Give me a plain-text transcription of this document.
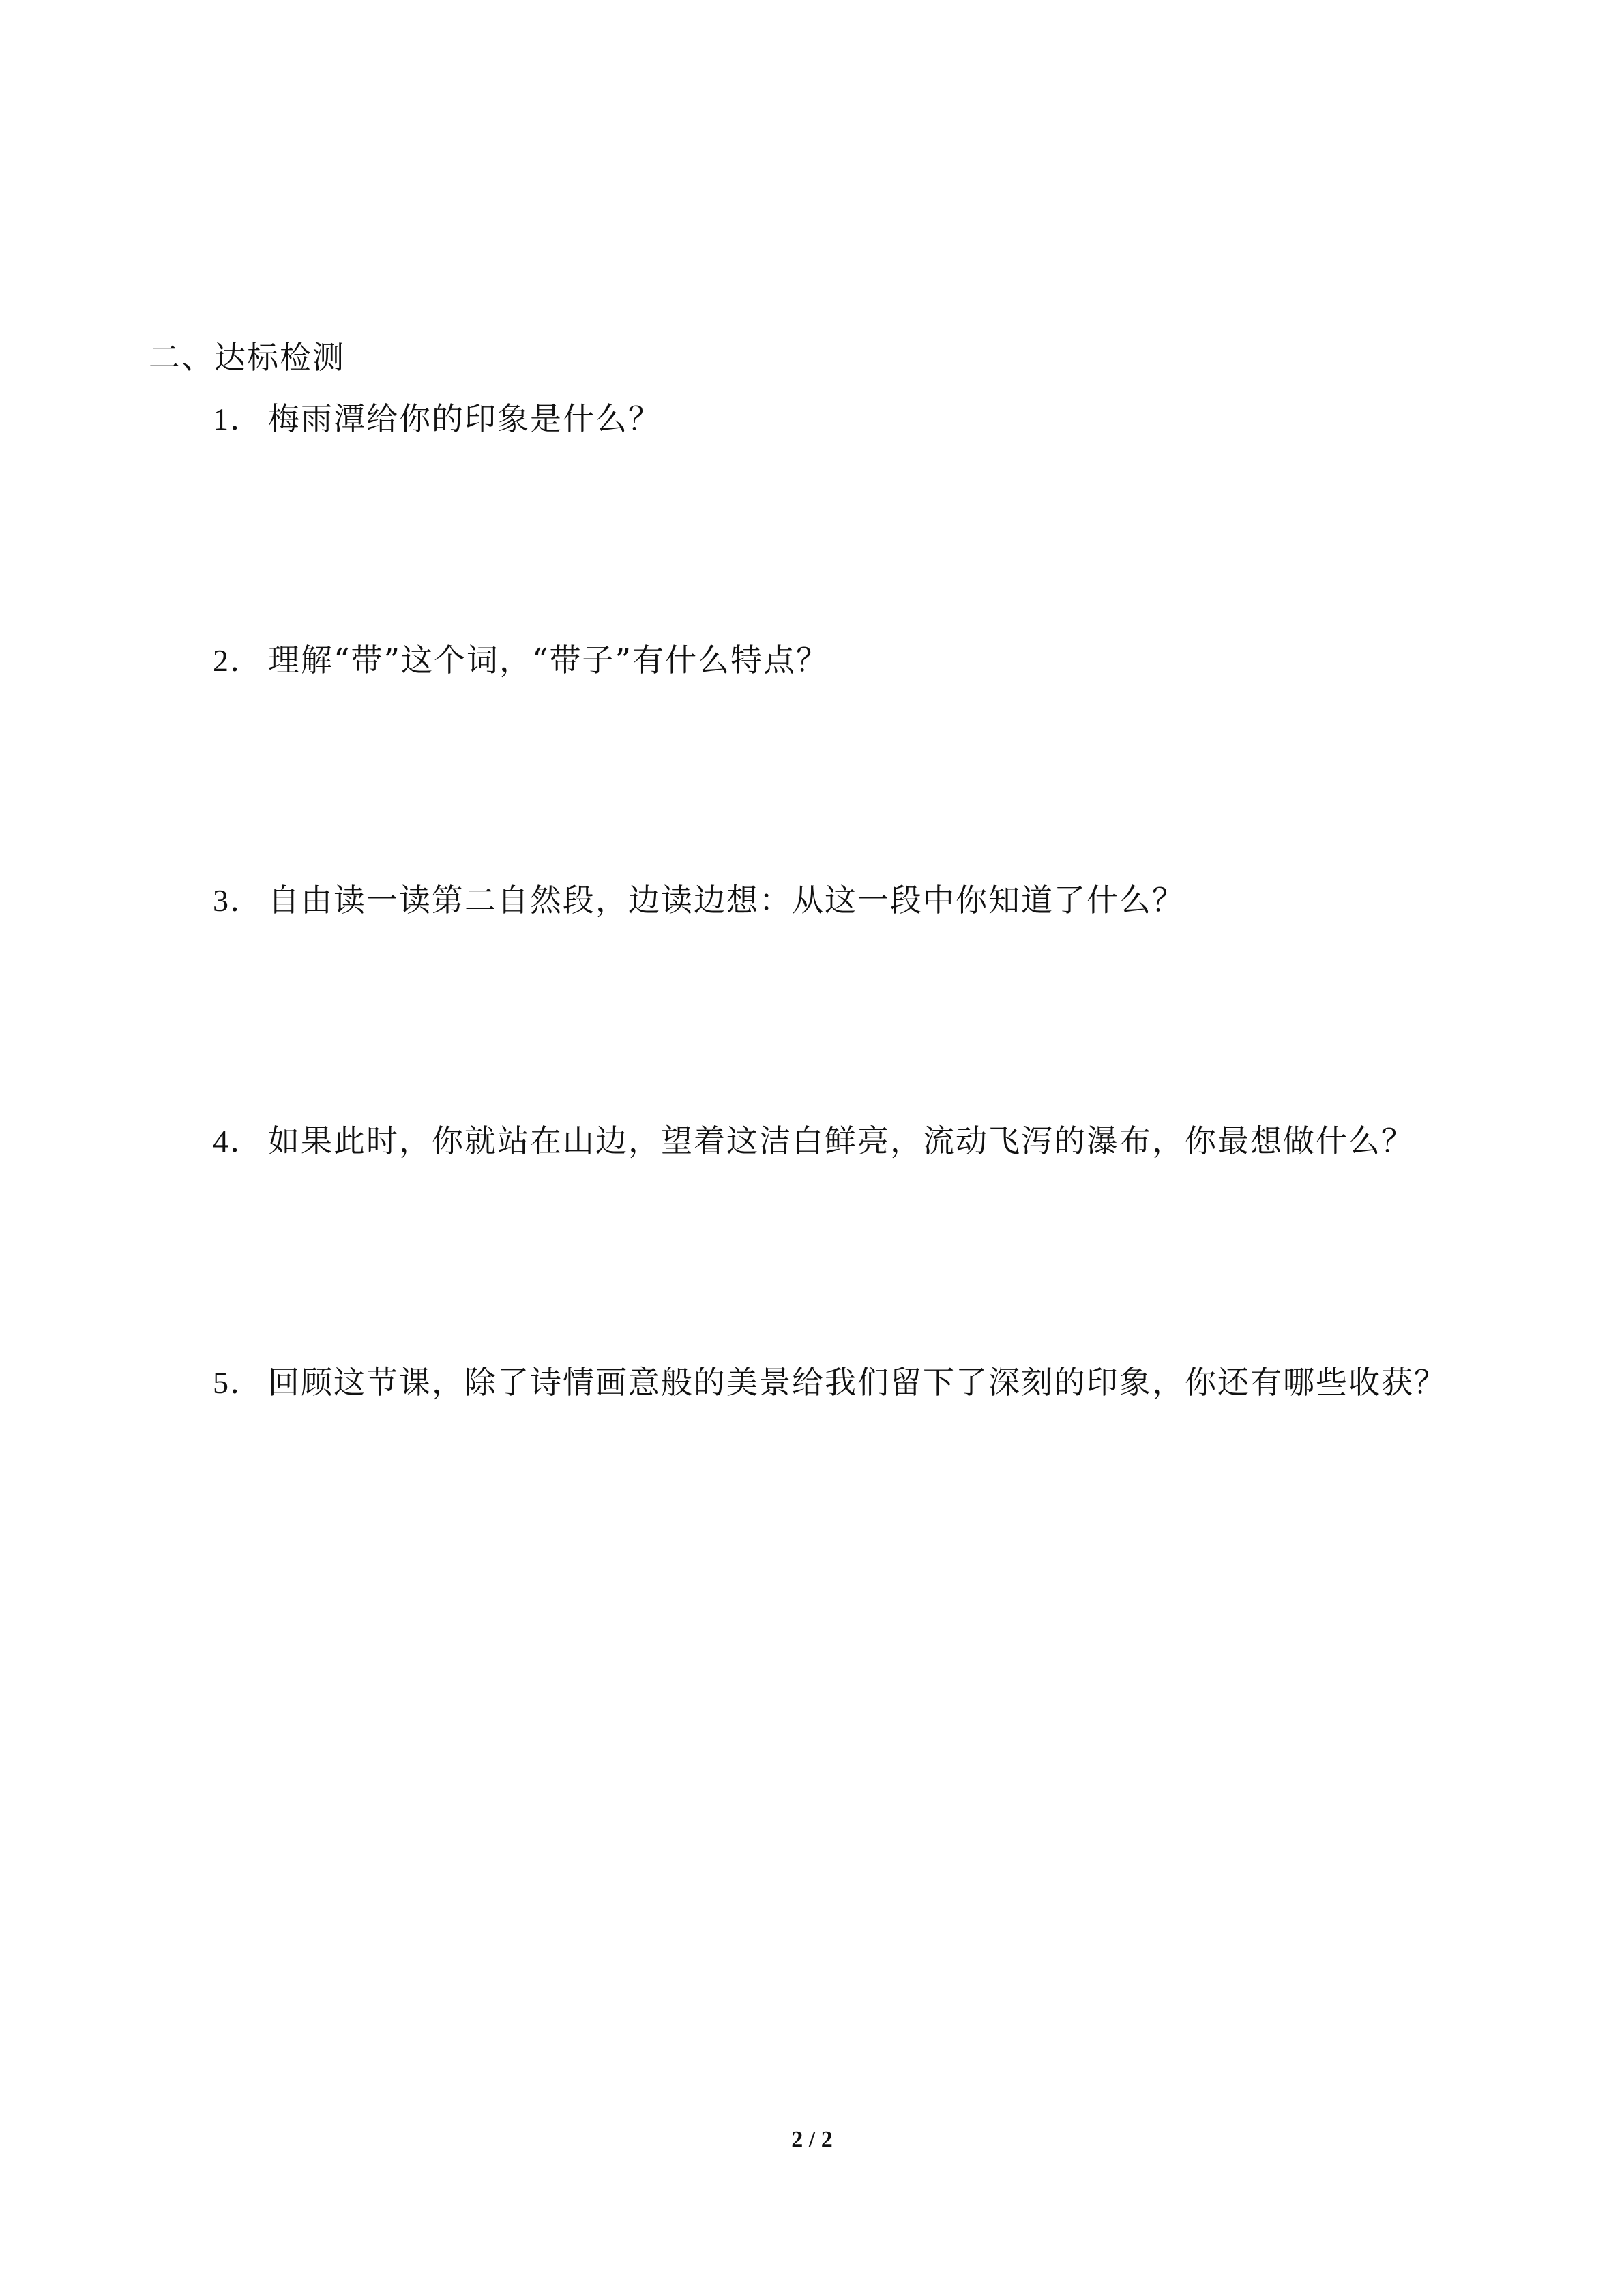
二、达标检测
1． 梅雨潭给你的印象是什么？
2． 理解“带”这个词，“带子”有什么特点？
3． 自由读一读第二自然段，边读边想：从这一段中你知道了什么？
4． 如果此时，你就站在山边，望着这洁白鲜亮，流动飞泻的瀑布，你最想做什么？
5． 回顾这节课，除了诗情画意般的美景给我们留下了深刻的印象，你还有哪些收获？
2 / 2
